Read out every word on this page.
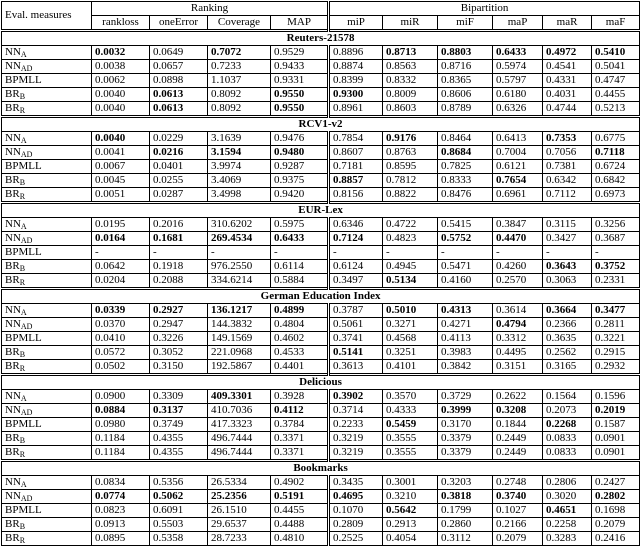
Eval. measures	Ranking				Bipartition					
	rankloss	oneError	Coverage	MAP	miP	miR	miF	maP	maR	maF
Reuters-21578										
$NN_A$	0.0032	0.0649	0.7072	0.9529	0.8896	0.8713	0.8803	0.6433	0.4972	0.5410
$NN_{AD}$	0.0038	0.0657	0.7233	0.9433	0.8874	0.8563	0.8716	0.5974	0.4541	0.5041
BPMLL	0.0062	0.0898	1.1037	0.9331	0.8399	0.8332	0.8365	0.5797	0.4331	0.4747
$BR_B$	0.0040	0.0613	0.8092	0.9550	0.9300	0.8009	0.8606	0.6180	0.4031	0.4455
$BR_R$	0.0040	0.0613	0.8092	0.9550	0.8961	0.8603	0.8789	0.6326	0.4744	0.5213
RCV1-v2										
$NN_A$	0.0040	0.0229	3.1639	0.9476	0.7854	0.9176	0.8464	0.6413	0.7353	0.6775
$NN_{AD}$	0.0041	0.0216	3.1594	0.9480	0.8607	0.8763	0.8684	0.7004	0.7056	0.7118
BPMLL	0.0067	0.0401	3.9974	0.9287	0.7181	0.8595	0.7825	0.6121	0.7381	0.6724
$BR_B$	0.0045	0.0255	3.4069	0.9375	0.8857	0.7812	0.8333	0.7654	0.6342	0.6842
$BR_R$	0.0051	0.0287	3.4998	0.9420	0.8156	0.8822	0.8476	0.6961	0.7112	0.6973
EUR-Lex										
$NN_A$	0.0195	0.2016	310.6202	0.5975	0.6346	0.4722	0.5415	0.3847	0.3115	0.3256
$NN_{AD}$	0.0164	0.1681	269.4534	0.6433	0.7124	0.4823	0.5752	0.4470	0.3427	0.3687
BPMLL	-	-	-	-	-	-	-	-	-	-
$BR_B$	0.0642	0.1918	976.2550	0.6114	0.6124	0.4945	0.5471	0.4260	0.3643	0.3752
$BR_R$	0.0204	0.2088	334.6214	0.5884	0.3497	0.5134	0.4160	0.2570	0.3063	0.2331
German Education Index										
$NN_A$	0.0339	0.2927	136.1217	0.4899	0.3787	0.5010	0.4313	0.3614	0.3664	0.3477
$NN_{AD}$	0.0370	0.2947	144.3832	0.4804	0.5061	0.3271	0.4271	0.4794	0.2366	0.2811
BPMLL	0.0410	0.3226	149.1569	0.4602	0.3741	0.4568	0.4113	0.3312	0.3635	0.3221
$BR_B$	0.0572	0.3052	221.0968	0.4533	0.5141	0.3251	0.3983	0.4495	0.2562	0.2915
$BR_R$	0.0502	0.3150	192.5867	0.4401	0.3613	0.4101	0.3842	0.3151	0.3165	0.2932
Delicious										
$NN_A$	0.0900	0.3309	409.3301	0.3928	0.3902	0.3570	0.3729	0.2622	0.1564	0.1596
$NN_{AD}$	0.0884	0.3137	410.7036	0.4112	0.3714	0.4333	0.3999	0.3208	0.2073	0.2019
BPMLL	0.0980	0.3749	417.3323	0.3784	0.2233	0.5459	0.3170	0.1844	0.2268	0.1587
$BR_B$	0.1184	0.4355	496.7444	0.3371	0.3219	0.3555	0.3379	0.2449	0.0833	0.0901
$BR_R$	0.1184	0.4355	496.7444	0.3371	0.3219	0.3555	0.3379	0.2449	0.0833	0.0901
Bookmarks										
$NN_A$	0.0834	0.5356	26.5334	0.4902	0.3435	0.3001	0.3203	0.2748	0.2806	0.2427
$NN_{AD}$	0.0774	0.5062	25.2356	0.5191	0.4695	0.3210	0.3818	0.3740	0.3020	0.2802
BPMLL	0.0823	0.6091	26.1510	0.4455	0.1070	0.5642	0.1799	0.1027	0.4651	0.1698
$BR_B$	0.0913	0.5503	29.6537	0.4488	0.2809	0.2913	0.2860	0.2166	0.2258	0.2079
$BR_R$	0.0895	0.5358	28.7233	0.4810	0.2525	0.4054	0.3112	0.2079	0.3283	0.2416
